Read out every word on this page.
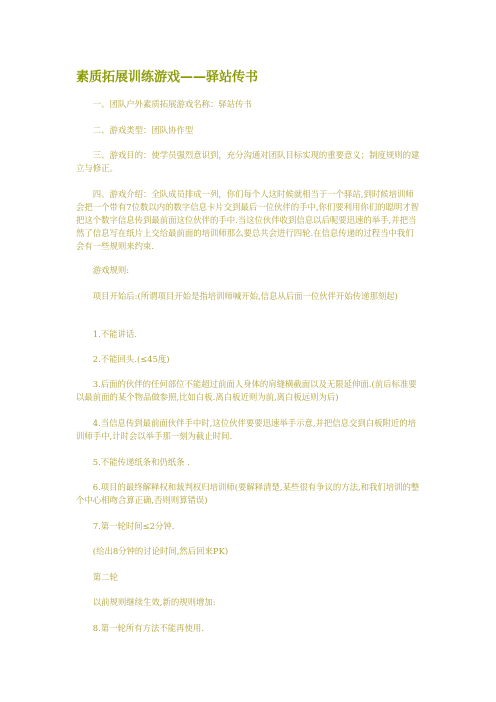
素质拓展训练游戏——驿站传书

一、团队户外素质拓展游戏名称：驿站传书

二、游戏类型：团队协作型

三、游戏目的：使学员强烈意识到，充分沟通对团队目标实现的重要意义；制度规则的建立与修正。

四、游戏介绍：全队成员排成一列，你们每个人这时候就相当于一个驿站,到时候培训师会把一个带有7位数以内的数字信息卡片交到最后一位伙伴的手中,你们要利用你们的聪明才智把这个数字信息传到最前面这位伙伴的手中.当这位伙伴收到信息以后呢要迅速的举手,并把当然了信息写在纸片上交给最前面的培训师那么要总共会进行四轮.在信息传递的过程当中我们会有一些规则来约束.

游戏规则:

项目开始后:(所谓项目开始是指培训师喊开始,信息从后面一位伙伴开始传递那刻起)

1.不能讲话.

2.不能回头.(≤45度)

3.后面的伙伴的任何部位不能超过前面人身体的肩缝横截面以及无限延伸面.(前后标准要以最前面的某个物品做参照,比如白板.离白板近则为前,离白板远则为后)

4.当信息传到最前面伙伴手中时,这位伙伴要要迅速举手示意,并把信息交到白板附近的培训师手中,计时会以举手那一刻为截止时间.

5.不能传递纸条和仍纸条 .

6.项目的最终解释权和裁判权归培训师(要解释清楚,某些很有争议的方法,和我们培训的整个中心相吻合算正确,否则则算错误)

7.第一轮时间≤2分钟.

(给出8分钟的讨论时间,然后回来PK)

第二轮

以前规则继续生效,新的规则增加:

8.第一轮所有方法不能再使用.
